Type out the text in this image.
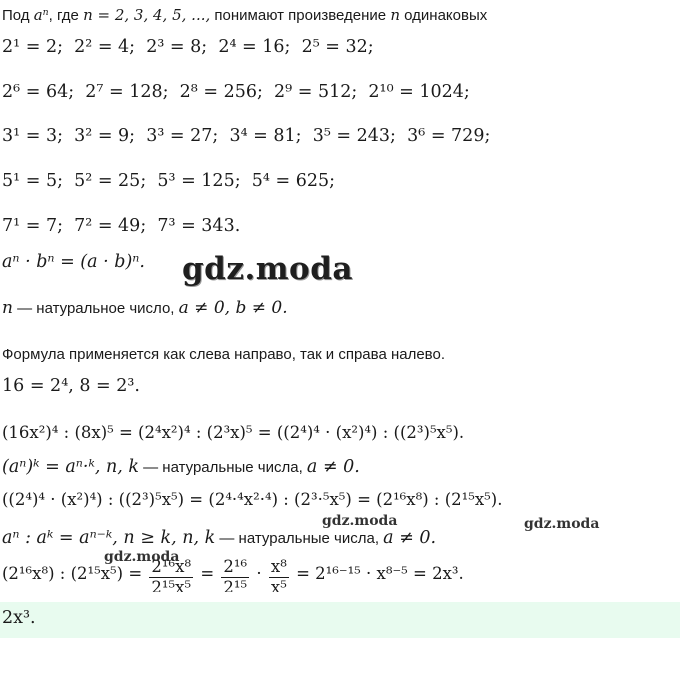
Под $a^n$, где n = 2, 3, 4, 5, ..., понимают произведение n одинаковых
2¹ = 2; 2² = 4; 2³ = 8; 2⁴ = 16; 2⁵ = 32;
2⁶ = 64; 2⁷ = 128; 2⁸ = 256; 2⁹ = 512; 2¹⁰ = 1024;
3¹ = 3; 3² = 9; 3³ = 27; 3⁴ = 81; 3⁵ = 243; 3⁶ = 729;
5¹ = 5; 5² = 25; 5³ = 125; 5⁴ = 625;
7¹ = 7; 7² = 49; 7³ = 343.
aⁿ · bⁿ = (a · b)ⁿ. gdz.moda
n — натуральное число, a ≠ 0, b ≠ 0.
Формула применяется как слева направо, так и справа налево.
16 = 2⁴, 8 = 2³.
(16x²)⁴ : (8x)⁵ = (2⁴x²)⁴ : (2³x)⁵ = ((2⁴)⁴ · (x²)⁴) : ((2³)⁵x⁵).
(aⁿ)ᵏ = aⁿ·ᵏ, n, k — натуральные числа, a ≠ 0.
((2⁴)⁴ · (x²)⁴) : ((2³)⁵x⁵) = (2⁴·⁴x²·⁴) : (2³·⁵x⁵) = (2¹⁶x⁸) : (2¹⁵x⁵).
gdz.moda	gdz.moda
aⁿ : aᵏ = aⁿ⁻ᵏ, n ≥ k, n, k — натуральные числа, a ≠ 0.
gdz.moda
(2¹⁶x⁸) : $(2^{15}x^5) = \frac{\text{2¹⁶x⁸}}{\text{2¹⁵x⁵}} = \frac{\text{2¹⁶}}{\text{2¹⁵}} \cdot \frac{\text{x⁸}}{\text{x⁵}} = 2^{16-15} \cdot x^{8-5} = 2x^3$.
2x³.
